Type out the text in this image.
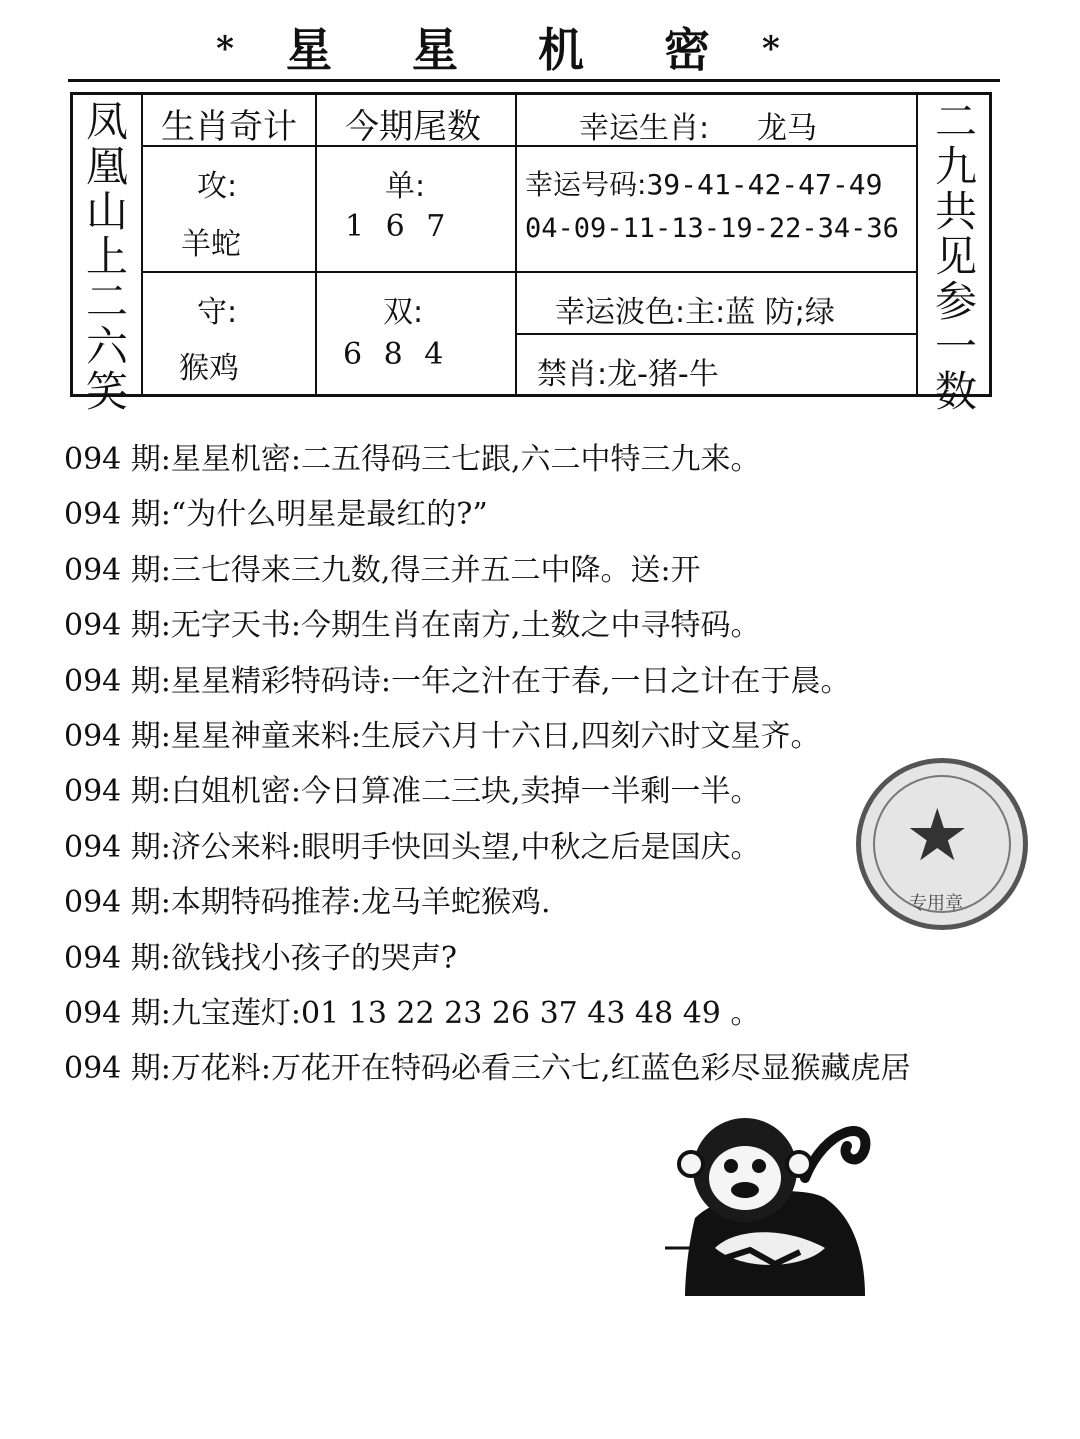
* 星 星 机 密 *
凤
凰
山
上
二
六
笑
二
九
共
见
参
一
数
生肖奇计
攻:
羊蛇
守:
猴鸡
今期尾数
单:
1 6 7
双:
6 8 4
幸运生肖: 龙马
幸运号码:39-41-42-47-49
04-09-11-13-19-22-34-36
幸运波色:主:蓝 防;绿
禁肖:龙-猪-牛
094 期:星星机密:二五得码三七跟,六二中特三九来。
094 期:“为什么明星是最红的?”
094 期:三七得来三九数,得三并五二中降。送:开
094 期:无字天书:今期生肖在南方,土数之中寻特码。
094 期:星星精彩特码诗:一年之汁在于春,一日之计在于晨。
094 期:星星神童来料:生辰六月十六日,四刻六时文星齐。
094 期:白姐机密:今日算准二三块,卖掉一半剩一半。
094 期:济公来料:眼明手快回头望,中秋之后是国庆。
094 期:本期特码推荐:龙马羊蛇猴鸡.
094 期:欲钱找小孩子的哭声?
094 期:九宝莲灯:01 13 22 23 26 37 43 48 49 。
094 期:万花料:万花开在特码必看三六七,红蓝色彩尽显猴藏虎居
★
专用章
